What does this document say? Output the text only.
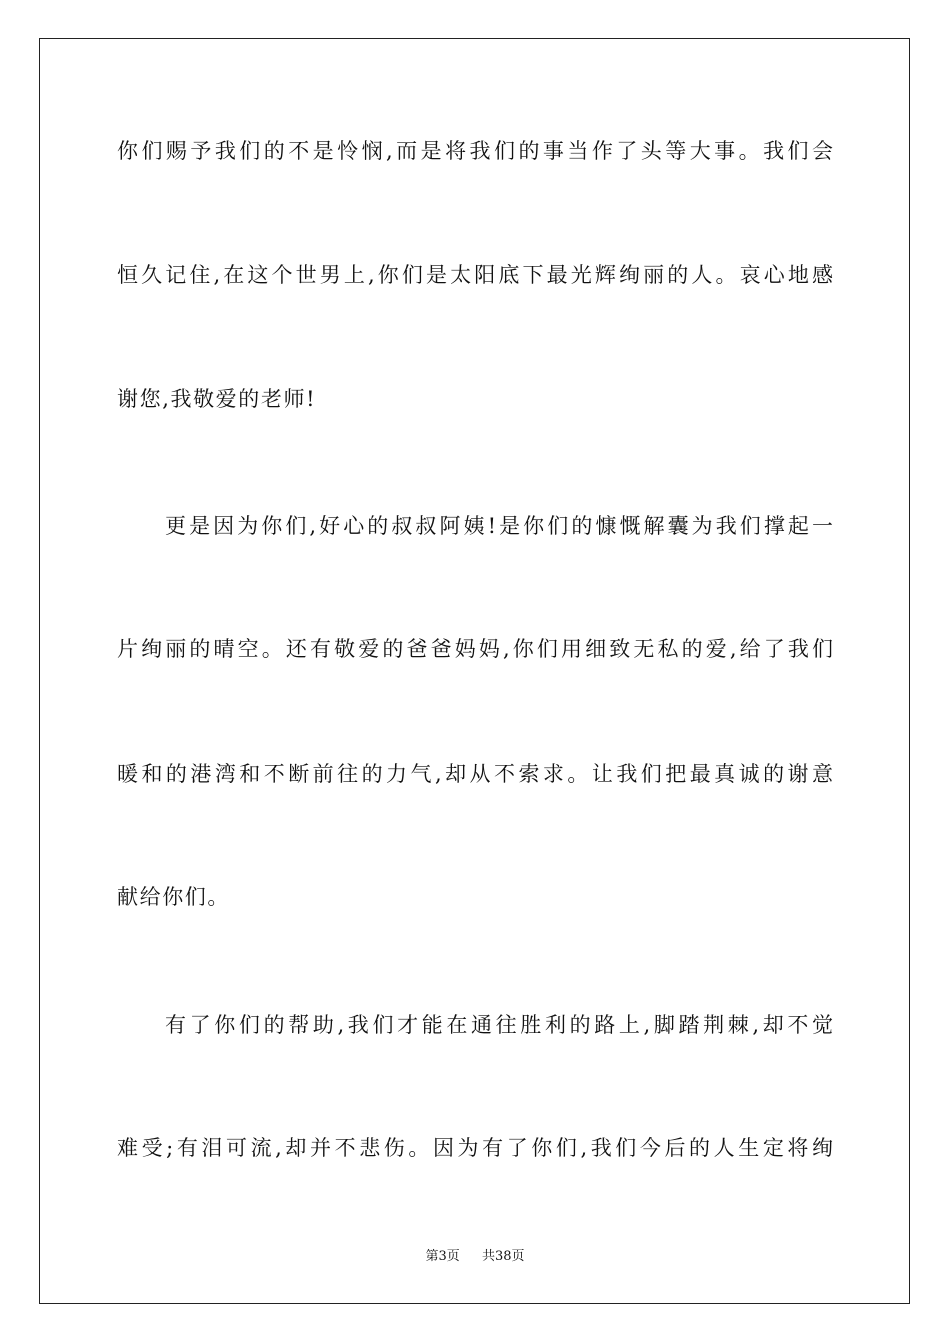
你们赐予我们的不是怜悯,而是将我们的事当作了头等大事。我们会
恒久记住,在这个世男上,你们是太阳底下最光辉绚丽的人。哀心地感
谢您,我敬爱的老师!
更是因为你们,好心的叔叔阿姨!是你们的慷慨解囊为我们撑起一
片绚丽的晴空。还有敬爱的爸爸妈妈,你们用细致无私的爱,给了我们
暖和的港湾和不断前往的力气,却从不索求。让我们把最真诚的谢意
献给你们。
有了你们的帮助,我们才能在通往胜利的路上,脚踏荆棘,却不觉
难受;有泪可流,却并不悲伤。因为有了你们,我们今后的人生定将绚
第3页 共38页
